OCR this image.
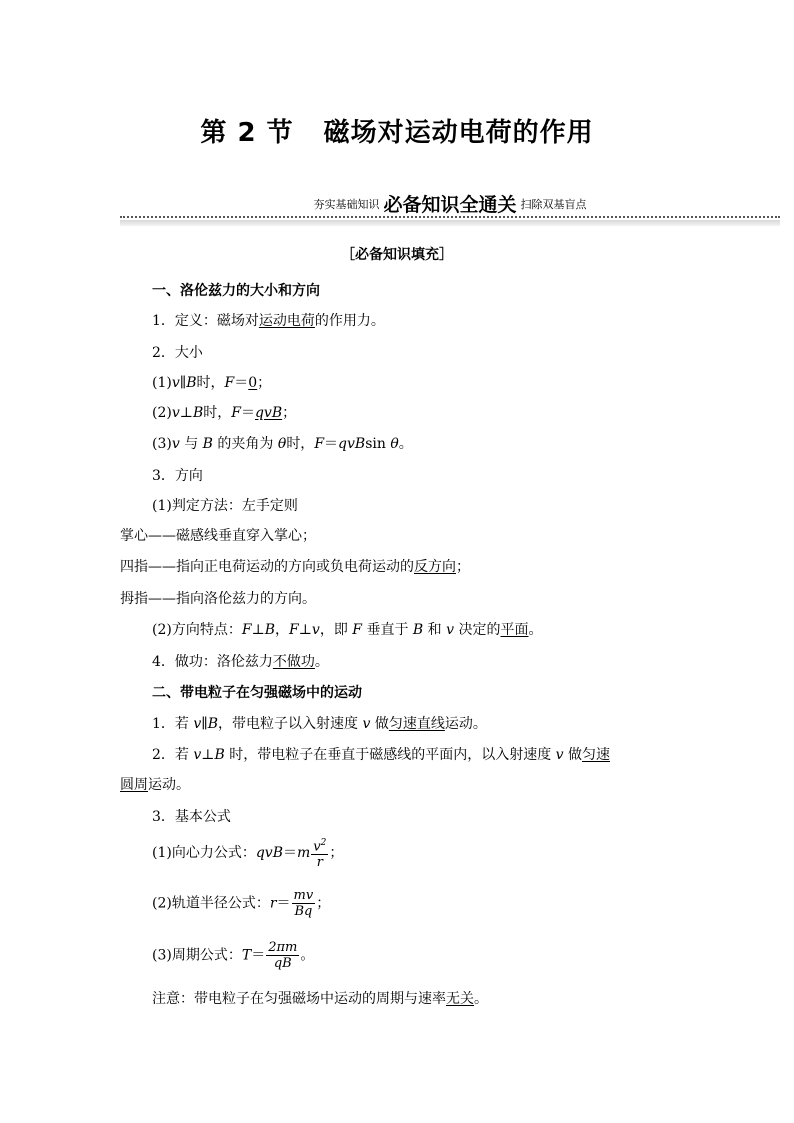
第 2 节 磁场对运动电荷的作用
夯实基础知识 必备知识全通关 扫除双基盲点
［必备知识填充］
一、洛伦兹力的大小和方向
1．定义：磁场对运动电荷的作用力。
2．大小
(1)v∥B时，F＝0；
(2)v⊥B时，F＝qvB；
(3)v 与 B 的夹角为 θ时，F＝qvBsin θ。
3．方向
(1)判定方法：左手定则
掌心——磁感线垂直穿入掌心；
四指——指向正电荷运动的方向或负电荷运动的反方向；
拇指——指向洛伦兹力的方向。
(2)方向特点：F⊥B，F⊥v，即 F 垂直于 B 和 v 决定的平面。
4．做功：洛伦兹力不做功。
二、带电粒子在匀强磁场中的运动
1．若 v∥B，带电粒子以入射速度 v 做匀速直线运动。
2．若 v⊥B 时，带电粒子在垂直于磁感线的平面内，以入射速度 v 做匀速
圆周运动。
3．基本公式
(1)向心力公式：$qvB=m \frac{v^2}{r}$ ；
(2)轨道半径公式：$r= \frac{mv}{Bq}$ ；
(3)周期公式：$T= \frac{2\pi m}{qB}$ 。
注意：带电粒子在匀强磁场中运动的周期与速率无关。
